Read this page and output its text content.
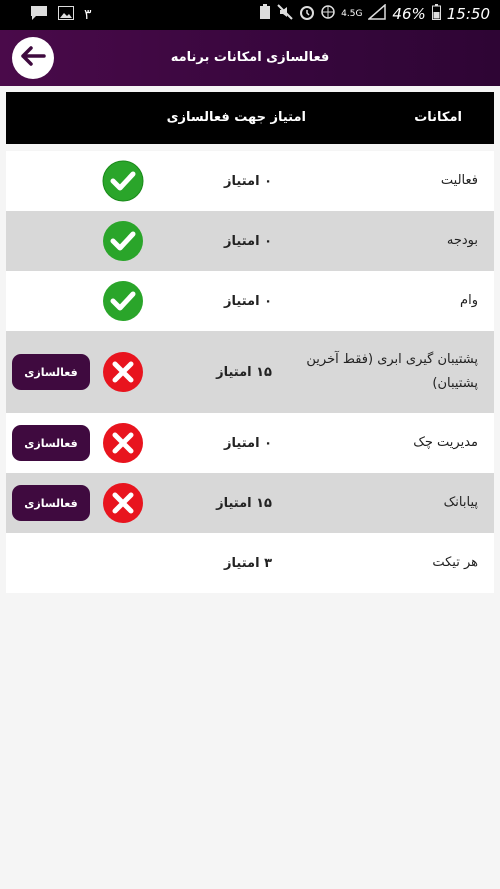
۳	4.5G 46% 15:50
فعالسازی امکانات برنامه
امکانات
امتیاز جهت فعالسازی
فعالیت
۰ امتیاز
بودجه
۰ امتیاز
وام
۰ امتیاز
پشتیبان گیری ابری (فقط آخرین پشتیبان)
۱۵ امتیاز
فعالسازی
مدیریت چک
۰ امتیاز
فعالسازی
پیابانک
۱۵ امتیاز
فعالسازی
هر تیکت
۳ امتیاز
